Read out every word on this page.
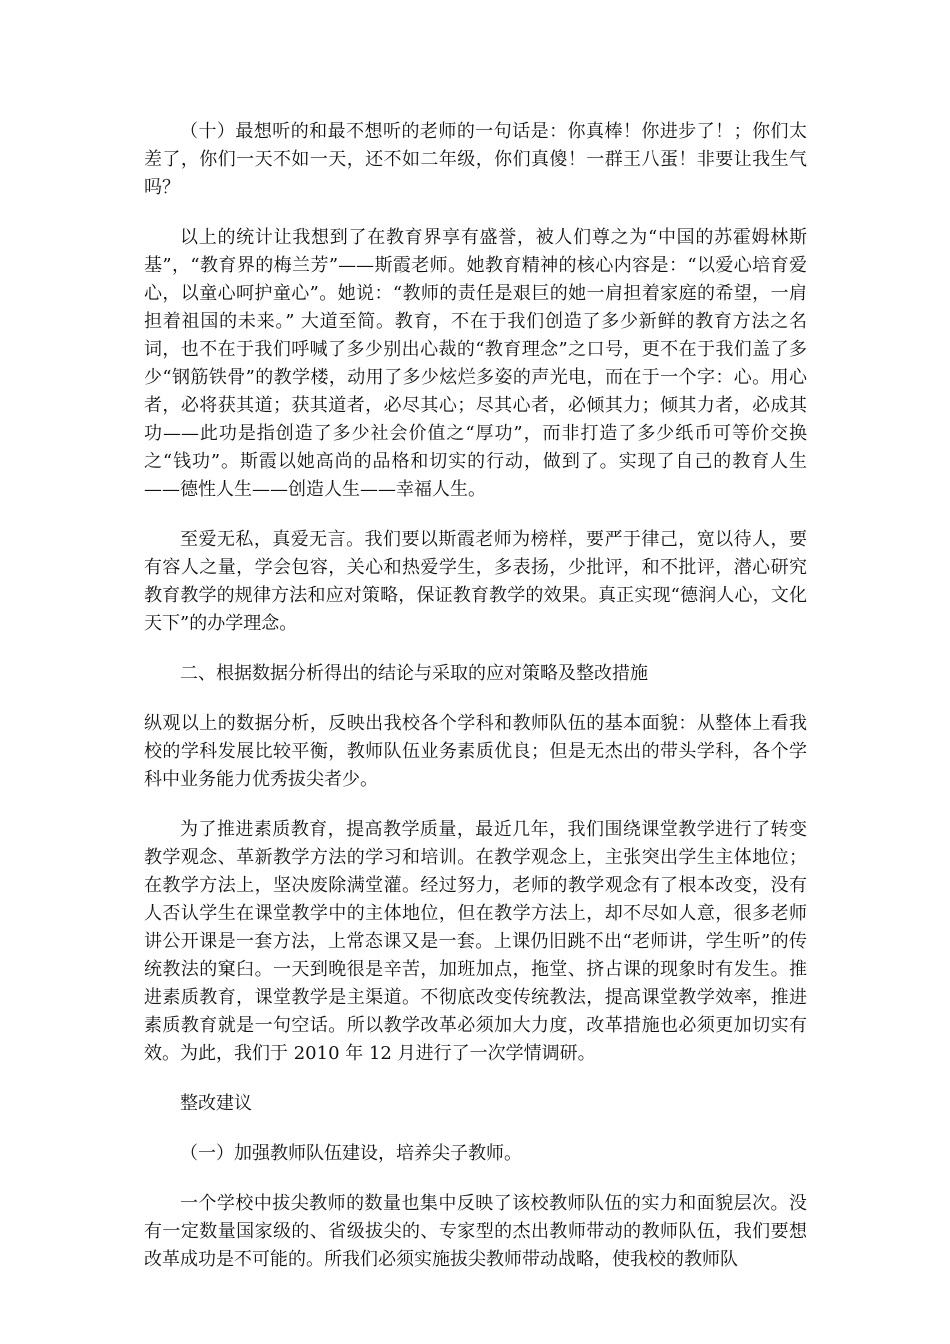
（十）最想听的和最不想听的老师的一句话是：你真棒！你进步了！；你们太差了，你们一天不如一天，还不如二年级，你们真傻！一群王八蛋！非要让我生气吗？

以上的统计让我想到了在教育界享有盛誉，被人们尊之为“中国的苏霍姆林斯基”，“教育界的梅兰芳”——斯霞老师。她教育精神的核心内容是：“以爱心培育爱心，以童心呵护童心”。她说：“教师的责任是艰巨的她一肩担着家庭的希望，一肩担着祖国的未来。” 大道至简。教育，不在于我们创造了多少新鲜的教育方法之名词，也不在于我们呼喊了多少别出心裁的“教育理念”之口号，更不在于我们盖了多少“钢筋铁骨”的教学楼，动用了多少炫烂多姿的声光电，而在于一个字：心。用心者，必将获其道；获其道者，必尽其心；尽其心者，必倾其力；倾其力者，必成其功——此功是指创造了多少社会价值之“厚功”，而非打造了多少纸币可等价交换之“钱功”。斯霞以她高尚的品格和切实的行动，做到了。实现了自己的教育人生——德性人生——创造人生——幸福人生。

至爱无私，真爱无言。我们要以斯霞老师为榜样，要严于律己，宽以待人，要有容人之量，学会包容，关心和热爱学生，多表扬，少批评，和不批评，潜心研究教育教学的规律方法和应对策略，保证教育教学的效果。真正实现“德润人心，文化天下”的办学理念。

二、根据数据分析得出的结论与采取的应对策略及整改措施

纵观以上的数据分析，反映出我校各个学科和教师队伍的基本面貌：从整体上看我校的学科发展比较平衡，教师队伍业务素质优良；但是无杰出的带头学科，各个学科中业务能力优秀拔尖者少。

为了推进素质教育，提高教学质量，最近几年，我们围绕课堂教学进行了转变教学观念、革新教学方法的学习和培训。在教学观念上，主张突出学生主体地位；在教学方法上，坚决废除满堂灌。经过努力，老师的教学观念有了根本改变，没有人否认学生在课堂教学中的主体地位，但在教学方法上，却不尽如人意，很多老师讲公开课是一套方法，上常态课又是一套。上课仍旧跳不出“老师讲，学生听”的传统教法的窠臼。一天到晚很是辛苦，加班加点，拖堂、挤占课的现象时有发生。推进素质教育，课堂教学是主渠道。不彻底改变传统教法，提高课堂教学效率，推进素质教育就是一句空话。所以教学改革必须加大力度，改革措施也必须更加切实有效。为此，我们于 2010 年 12 月进行了一次学情调研。

整改建议

（一）加强教师队伍建设，培养尖子教师。

一个学校中拔尖教师的数量也集中反映了该校教师队伍的实力和面貌层次。没有一定数量国家级的、省级拔尖的、专家型的杰出教师带动的教师队伍，我们要想改革成功是不可能的。所我们必须实施拔尖教师带动战略，使我校的教师队
